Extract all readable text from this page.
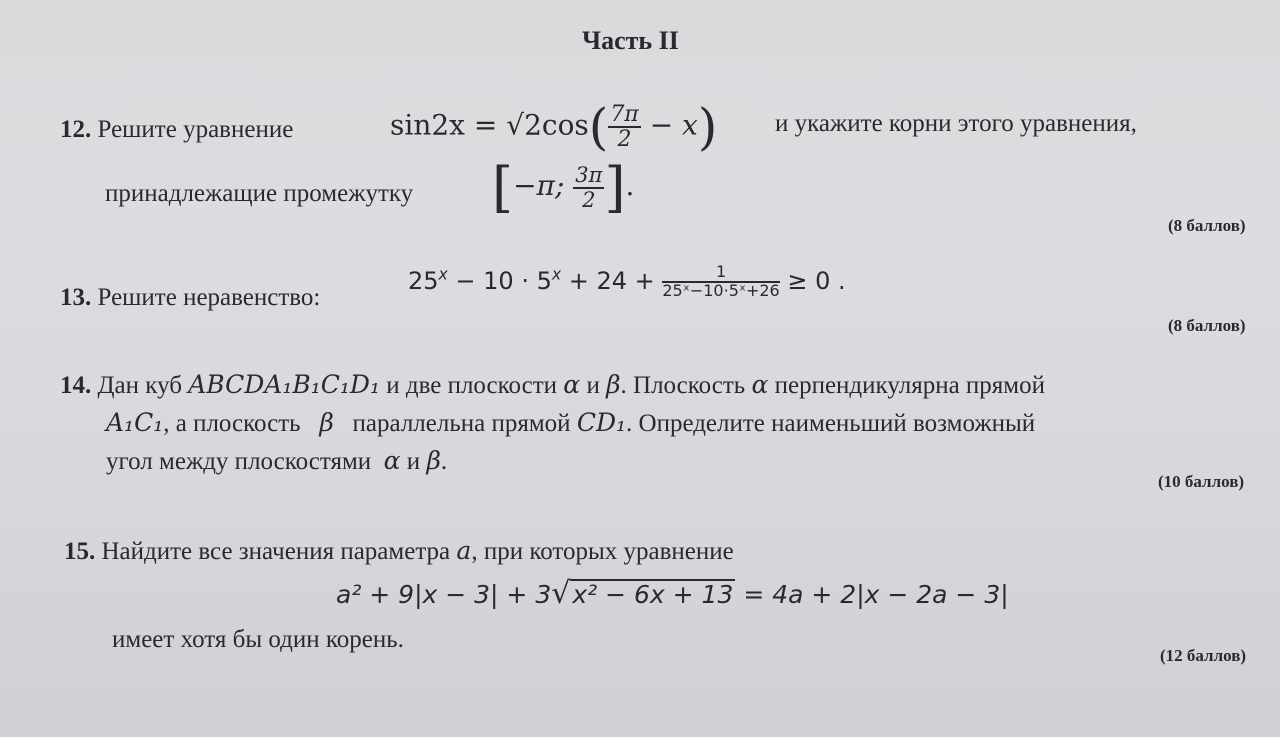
Часть II
12. Решите уравнение	$\sin 2x = √2\cos( \frac{7\pi}{2} - x)$ и укажите корни этого уравнения,
принадлежащие промежутку [−π; $\frac{3\pi}{2}$ ].
(8 баллов)
13. Решите неравенство:
$25^x - 10 \cdot 5^x + 24 + \frac{1}{\text{25ˣ−10·5ˣ+26}} \ge 0$ .
(8 баллов)
14. Дан куб ABCDA₁B₁C₁D₁ и две плоскости α и β. Плоскость α перпендикулярна прямой
A₁C₁, а плоскость β параллельна прямой CD₁. Определите наименьший возможный
угол между плоскостями α и β.
(10 баллов)
15. Найдите все значения параметра a, при которых уравнение
a² + 9|x − 3| + 3√x² − 6x + 13 = 4a + 2|x − 2a − 3|
имеет хотя бы один корень.
(12 баллов)
